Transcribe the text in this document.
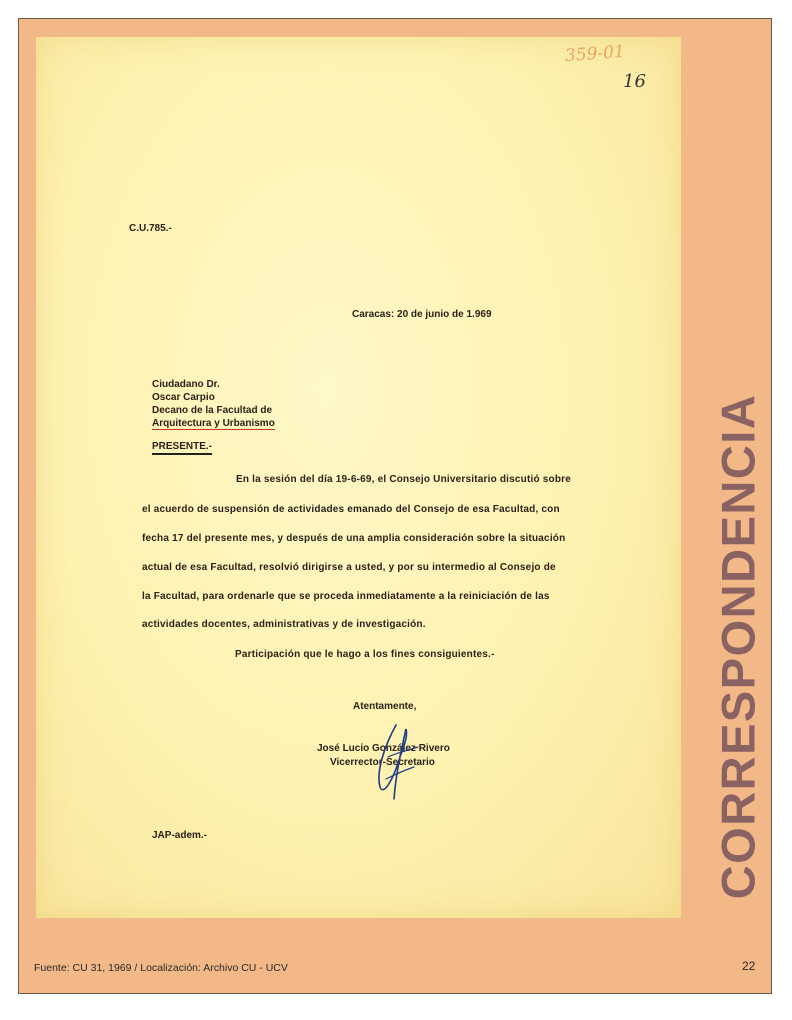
359-01
16
C.U.785.-
Caracas: 20 de junio de 1.969
Ciudadano Dr.
Oscar Carpio
Decano de la Facultad de
Arquitectura y Urbanismo
PRESENTE.-
En la sesión del día 19-6-69, el Consejo Universitario discutió sobre
el acuerdo de suspensión de actividades emanado del Consejo de esa Facultad, con
fecha 17 del presente mes, y después de una amplia consideración sobre la situación
actual de esa Facultad, resolvió dirigirse a usted, y por su intermedio al Consejo de
la Facultad, para ordenarle que se proceda inmediatamente a la reiniciación de las
actividades docentes, administrativas y de investigación.
Participación que le hago a los fines consiguientes.-
Atentamente,
José Lucio González Rivero
Vicerrector-Secretario
JAP-adem.-	CORRESPONDENCIA
Fuente: CU 31, 1969 / Localización: Archivo CU - UCV	22
